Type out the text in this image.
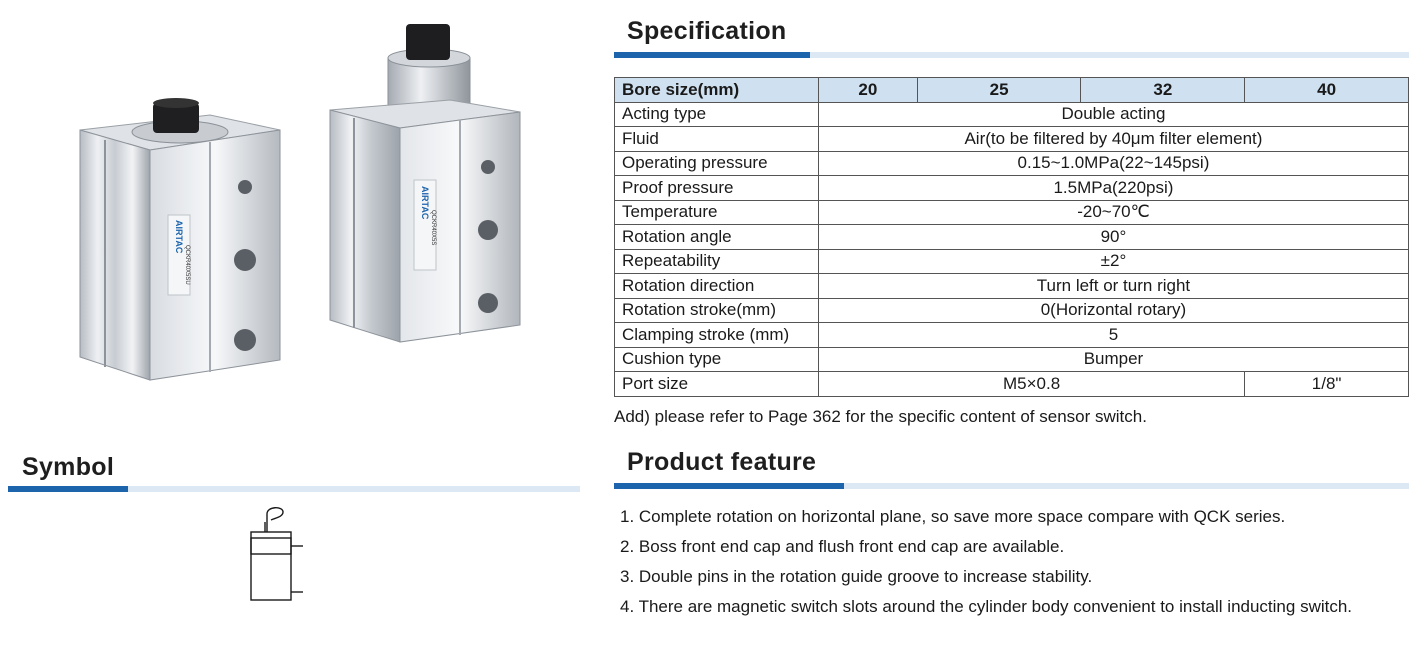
AIRTAC
QCKR40X5SU
AIRTAC
QCKR40X5S
Symbol
Specification
Bore size(mm)	20	25	32	40
Acting type	Double acting			
Fluid	Air(to be filtered by 40μm filter element)			
Operating pressure	0.15~1.0MPa(22~145psi)			
Proof pressure	1.5MPa(220psi)			
Temperature	-20~70℃			
Rotation angle	90°			
Repeatability	±2°			
Rotation direction	Turn left or turn right			
Rotation stroke(mm)	0(Horizontal rotary)			
Clamping stroke (mm)	5			
Cushion type	Bumper			
Port size	M5×0.8			1/8"
Add) please refer to Page 362 for the specific content of sensor switch.
Product feature
1. Complete rotation on horizontal plane, so save more space compare with QCK series.
2. Boss front end cap and flush front end cap are available.
3. Double pins in the rotation guide groove to increase stability.
4. There are magnetic switch slots around the cylinder body convenient to install inducting switch.
